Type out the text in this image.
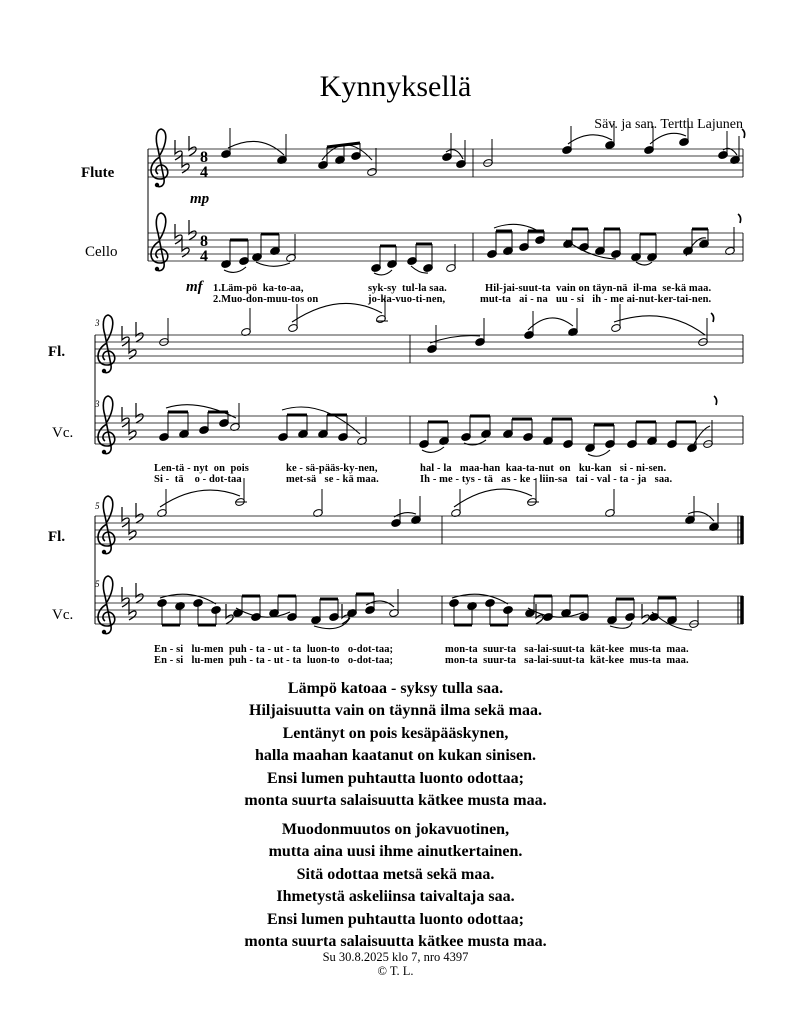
Kynnyksellä
Säv. ja san. Terttu Lajunen
Flute
Cello
Fl.
Vc.
Fl.
Vc.
mp
mf
3
3
5
5
8
4
8
4
1.Läm-pö  ka-to-aa,	syk-sy  tul-la saa.	Hil-jai-suut-ta  vain on täyn-nä  il-ma  se-kä maa.
2.Muo-don-muu-tos on	jo-ka-vuo-ti-nen,	mut-ta   ai - na   uu - si   ih - me ai-nut-ker-tai-nen.
Len-tä - nyt  on  pois	ke - sä-pääs-ky-nen,	hal - la   maa-han  kaa-ta-nut  on   ku-kan   si - ni-sen.
Si -  tä    o - dot-taa	met-sä   se - kä maa.	Ih - me - tys - tä   as - ke - liin-sa   tai - val - ta - ja   saa.
En - si   lu-men  puh - ta - ut - ta  luon-to   o-dot-taa;	mon-ta  suur-ta   sa-lai-suut-ta  kät-kee  mus-ta  maa.
En - si   lu-men  puh - ta - ut - ta  luon-to   o-dot-taa;	mon-ta  suur-ta   sa-lai-suut-ta  kät-kee  mus-ta  maa.
Lämpö katoaa - syksy tulla saa.
Hiljaisuutta vain on täynnä ilma sekä maa.
Lentänyt on pois kesäpääskynen,
halla maahan kaatanut on kukan sinisen.
Ensi lumen puhtautta luonto odottaa;
monta suurta salaisuutta kätkee musta maa.
Muodonmuutos on jokavuotinen,
mutta aina uusi ihme ainutkertainen.
Sitä odottaa metsä sekä maa.
Ihmetystä askeliinsa taivaltaja saa.
Ensi lumen puhtautta luonto odottaa;
monta suurta salaisuutta kätkee musta maa.
Su 30.8.2025 klo 7, nro 4397
© T. L.
